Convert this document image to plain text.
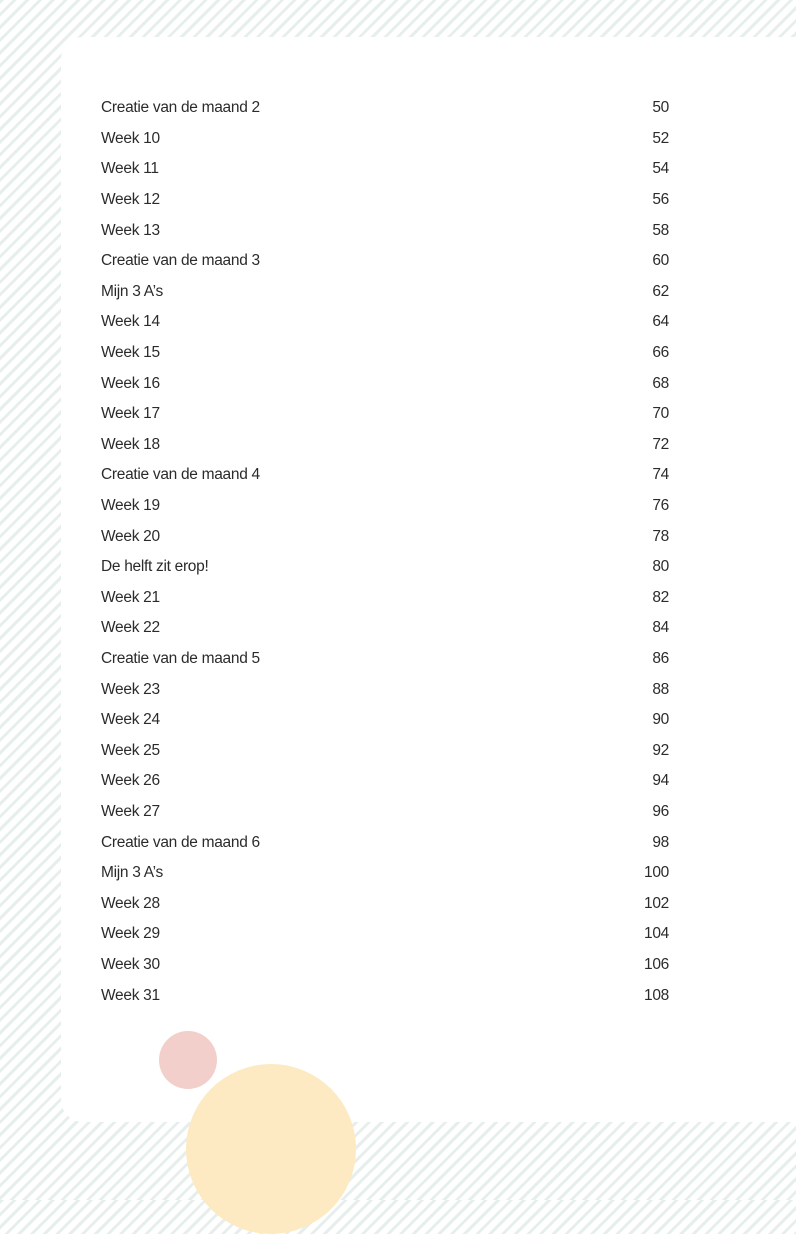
Creatie van de maand 2	50
Week 10	52
Week 11	54
Week 12	56
Week 13	58
Creatie van de maand 3	60
Mijn 3 A’s	62
Week 14	64
Week 15	66
Week 16	68
Week 17	70
Week 18	72
Creatie van de maand 4	74
Week 19	76
Week 20	78
De helft zit erop!	80
Week 21	82
Week 22	84
Creatie van de maand 5	86
Week 23	88
Week 24	90
Week 25	92
Week 26	94
Week 27	96
Creatie van de maand 6	98
Mijn 3 A’s	100
Week 28	102
Week 29	104
Week 30	106
Week 31	108
